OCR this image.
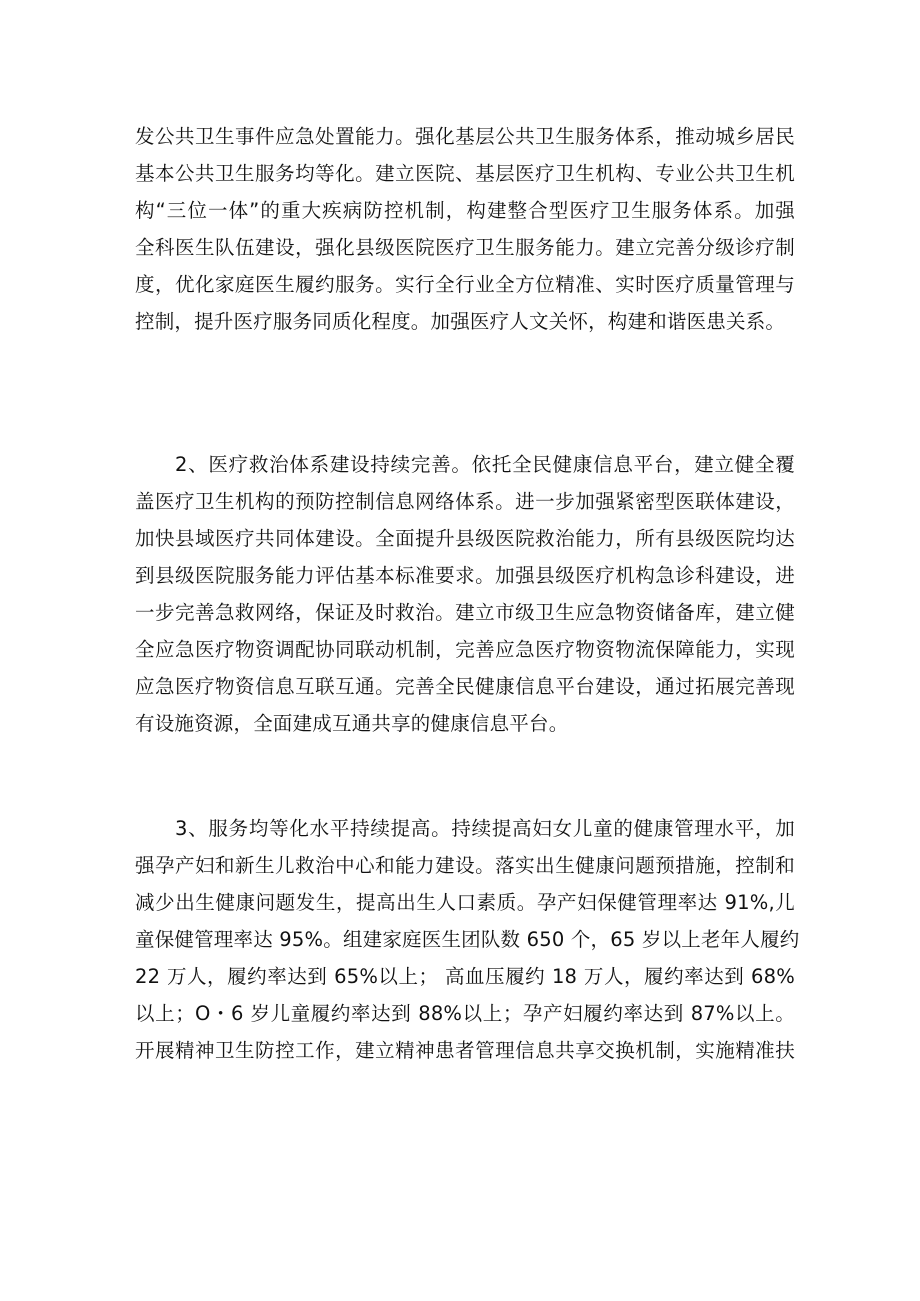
发公共卫生事件应急处置能力。强化基层公共卫生服务体系，推动城乡居民
基本公共卫生服务均等化。建立医院、基层医疗卫生机构、专业公共卫生机
构“三位一体”的重大疾病防控机制，构建整合型医疗卫生服务体系。加强
全科医生队伍建设，强化县级医院医疗卫生服务能力。建立完善分级诊疗制
度，优化家庭医生履约服务。实行全行业全方位精准、实时医疗质量管理与
控制，提升医疗服务同质化程度。加强医疗人文关怀，构建和谐医患关系。
2、医疗救治体系建设持续完善。依托全民健康信息平台，建立健全覆
盖医疗卫生机构的预防控制信息网络体系。进一步加强紧密型医联体建设，
加快县域医疗共同体建设。全面提升县级医院救治能力，所有县级医院均达
到县级医院服务能力评估基本标准要求。加强县级医疗机构急诊科建设，进
一步完善急救网络，保证及时救治。建立市级卫生应急物资储备库，建立健
全应急医疗物资调配协同联动机制，完善应急医疗物资物流保障能力，实现
应急医疗物资信息互联互通。完善全民健康信息平台建设，通过拓展完善现
有设施资源，全面建成互通共享的健康信息平台。
3、服务均等化水平持续提高。持续提高妇女儿童的健康管理水平，加
强孕产妇和新生儿救治中心和能力建设。落实出生健康问题预措施，控制和
减少出生健康问题发生，提高出生人口素质。孕产妇保健管理率达 91%,儿
童保健管理率达 95%。组建家庭医生团队数 650 个，65 岁以上老年人履约
22 万人，履约率达到 65%以上； 高血压履约 18 万人，履约率达到 68%
以上；O・6 岁儿童履约率达到 88%以上；孕产妇履约率达到 87%以上。
开展精神卫生防控工作，建立精神患者管理信息共享交换机制，实施精准扶
